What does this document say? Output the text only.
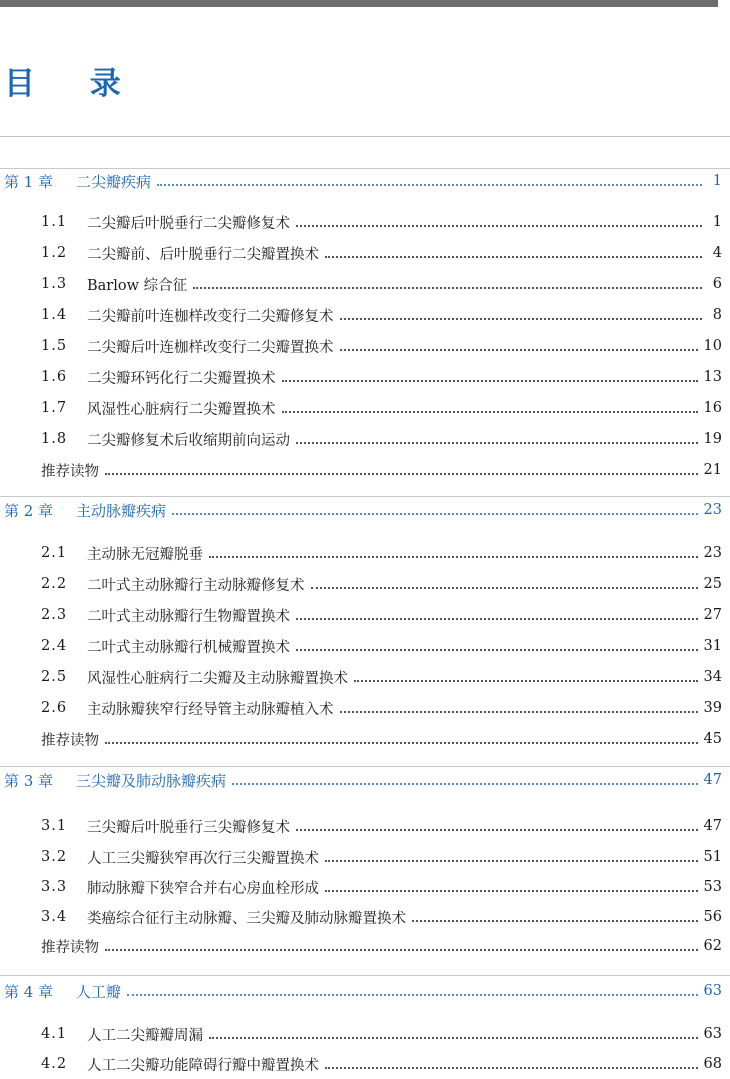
目 录
第 1 章	二尖瓣疾病	1
1.1	二尖瓣后叶脱垂行二尖瓣修复术	1
1.2	二尖瓣前、后叶脱垂行二尖瓣置换术	4
1.3	Barlow 综合征	6
1.4	二尖瓣前叶连枷样改变行二尖瓣修复术	8
1.5	二尖瓣后叶连枷样改变行二尖瓣置换术	10
1.6	二尖瓣环钙化行二尖瓣置换术	13
1.7	风湿性心脏病行二尖瓣置换术	16
1.8	二尖瓣修复术后收缩期前向运动	19
推荐读物	21
第 2 章	主动脉瓣疾病	23
2.1	主动脉无冠瓣脱垂	23
2.2	二叶式主动脉瓣行主动脉瓣修复术	25
2.3	二叶式主动脉瓣行生物瓣置换术	27
2.4	二叶式主动脉瓣行机械瓣置换术	31
2.5	风湿性心脏病行二尖瓣及主动脉瓣置换术	34
2.6	主动脉瓣狭窄行经导管主动脉瓣植入术	39
推荐读物	45
第 3 章	三尖瓣及肺动脉瓣疾病	47
3.1	三尖瓣后叶脱垂行三尖瓣修复术	47
3.2	人工三尖瓣狭窄再次行三尖瓣置换术	51
3.3	肺动脉瓣下狭窄合并右心房血栓形成	53
3.4	类癌综合征行主动脉瓣、三尖瓣及肺动脉瓣置换术	56
推荐读物	62
第 4 章	人工瓣	63
4.1	人工二尖瓣瓣周漏	63
4.2	人工二尖瓣功能障碍行瓣中瓣置换术	68
